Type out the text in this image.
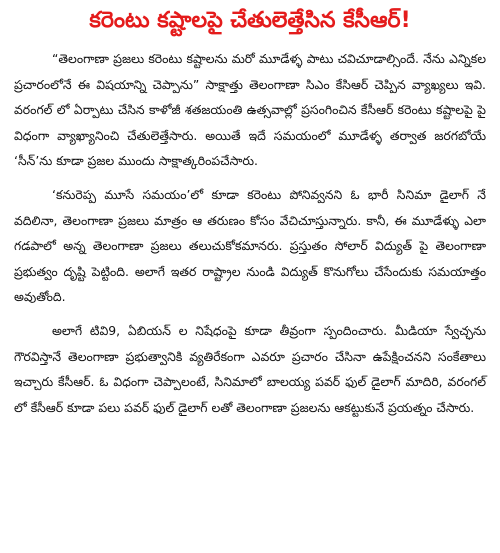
కరెంటు కష్టాలపై చేతులెత్తేసిన కేసీఆర్!

“తెలంగాణా ప్రజలు కరెంటు కష్టాలను మరో మూడేళ్ళ పాటు చవిచూడాల్సిందే. నేను ఎన్నికల ప్రచారంలోనే ఈ విషయాన్ని చెప్పాను” సాక్షాత్తు తెలంగాణా సిఎం కేసిఆర్ చెప్పిన వ్యాఖ్యలు ఇవి. వరంగల్ లో ఏర్పాటు చేసిన కాళోజీ శతజయంతి ఉత్సవాల్లో ప్రసంగించిన కేసీఆర్ కరెంటు కష్టాలపై పై విధంగా వ్యాఖ్యానించి చేతులెత్తేసారు. అయితే ఇదే సమయంలో మూడేళ్ళ తర్వాత జరగబోయే ‘సీన్’ను కూడా ప్రజల ముందు సాక్షాత్కరింపచేసారు.

‘కనురెప్ప మూసే సమయం’లో కూడా కరెంటు పోనివ్వనని ఓ భారీ సినిమా డైలాగ్ నే వదిలినా, తెలంగాణా ప్రజలు మాత్రం ఆ తరుణం కోసం వేచిచూస్తున్నారు. కానీ, ఈ మూడేళ్ళు ఎలా గడపాలో అన్న తెలంగాణా ప్రజలు తలుచుకోకమానరు. ప్రస్తుతం సోలార్ విద్యుత్ పై తెలంగాణా ప్రభుత్వం దృష్టి పెట్టింది. అలాగే ఇతర రాష్ట్రాల నుండి విద్యుత్ కొనుగోలు చేసేందుకు సమయాత్తం అవుతోంది.

అలాగే టివి9, ఏబియన్ ల నిషేధంపై కూడా తీవ్రంగా స్పందించారు. మీడియా స్వేచ్ఛను గౌరవిస్తానే తెలంగాణా ప్రభుత్వానికి వ్యతిరేకంగా ఎవరూ ప్రచారం చేసినా ఉపేక్షించనని సంకేతాలు ఇచ్చారు కేసీఆర్. ఓ విధంగా చెప్పాలంటే, సినిమాలో బాలయ్య పవర్ ఫుల్ డైలాగ్ మాదిరి, వరంగల్ లో కేసీఆర్ కూడా పలు పవర్ ఫుల్ డైలాగ్ లతో తెలంగాణా ప్రజలను ఆకట్టుకునే ప్రయత్నం చేసారు.
